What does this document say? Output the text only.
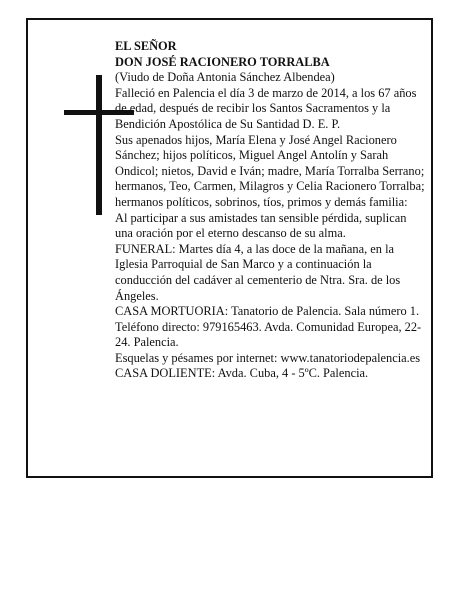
EL SEÑOR

DON JOSÉ RACIONERO TORRALBA

(Viudo de Doña Antonia Sánchez Albendea)

Falleció en Palencia el día 3 de marzo de 2014, a los 67 años de edad, después de recibir los Santos Sacramentos y la Bendición Apostólica de Su Santidad D. E. P.

Sus apenados hijos, María Elena y José Angel Racionero Sánchez; hijos políticos, Miguel Angel Antolín y Sarah Ondicol; nietos, David e Iván; madre, María Torralba Serrano; hermanos, Teo, Carmen, Milagros y Celia Racionero Torralba; hermanos políticos, sobrinos, tíos, primos y demás familia:

Al participar a sus amistades tan sensible pérdida, suplican una oración por el eterno descanso de su alma.

FUNERAL: Martes día 4, a las doce de la mañana, en la Iglesia Parroquial de San Marco y a continuación la conducción del cadáver al cementerio de Ntra. Sra. de los Ángeles.

CASA MORTUORIA: Tanatorio de Palencia. Sala número 1. Teléfono directo: 979165463. Avda. Comunidad Europea, 22-24. Palencia.

Esquelas y pésames por internet: www.tanatoriodepalencia.es

CASA DOLIENTE: Avda. Cuba, 4 - 5ºC. Palencia.
